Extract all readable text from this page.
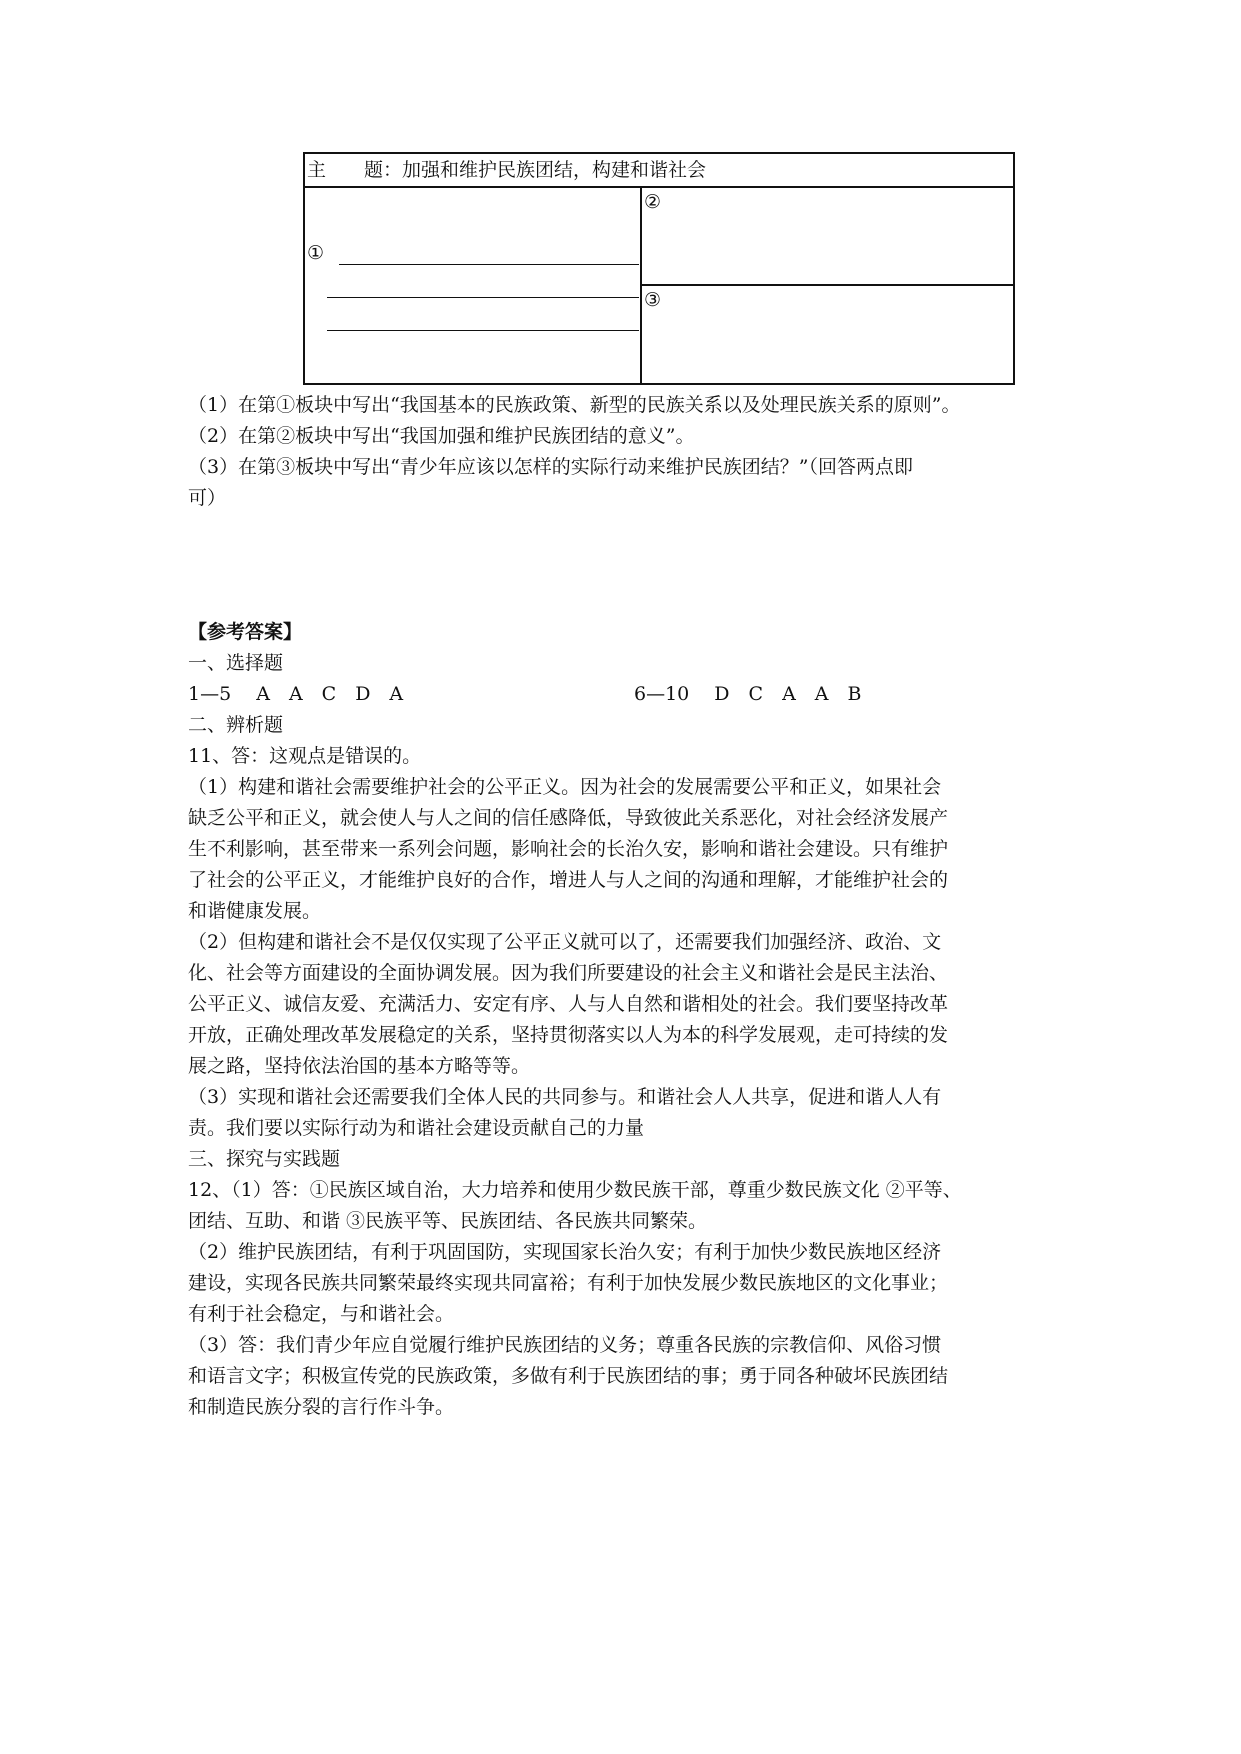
主　　题：加强和维护民族团结，构建和谐社会
①
②
③
（1）在第①板块中写出“我国基本的民族政策、新型的民族关系以及处理民族关系的原则”。
（2）在第②板块中写出“我国加强和维护民族团结的意义”。
（3）在第③板块中写出“青少年应该以怎样的实际行动来维护民族团结？”（回答两点即
可）
【参考答案】
一、选择题
1—5　 A　A　C　D　A	6—10　 D　C　A　A　B
二、辨析题
11、答：这观点是错误的。
（1）构建和谐社会需要维护社会的公平正义。因为社会的发展需要公平和正义，如果社会
缺乏公平和正义，就会使人与人之间的信任感降低，导致彼此关系恶化，对社会经济发展产
生不利影响，甚至带来一系列会问题，影响社会的长治久安，影响和谐社会建设。只有维护
了社会的公平正义，才能维护良好的合作，增进人与人之间的沟通和理解，才能维护社会的
和谐健康发展。
（2）但构建和谐社会不是仅仅实现了公平正义就可以了，还需要我们加强经济、政治、文
化、社会等方面建设的全面协调发展。因为我们所要建设的社会主义和谐社会是民主法治、
公平正义、诚信友爱、充满活力、安定有序、人与人自然和谐相处的社会。我们要坚持改革
开放，正确处理改革发展稳定的关系，坚持贯彻落实以人为本的科学发展观，走可持续的发
展之路，坚持依法治国的基本方略等等。
（3）实现和谐社会还需要我们全体人民的共同参与。和谐社会人人共享，促进和谐人人有
责。我们要以实际行动为和谐社会建设贡献自己的力量
三、探究与实践题
12、（1）答：①民族区域自治，大力培养和使用少数民族干部，尊重少数民族文化 ②平等、
团结、互助、和谐 ③民族平等、民族团结、各民族共同繁荣。
（2）维护民族团结，有利于巩固国防，实现国家长治久安；有利于加快少数民族地区经济
建设，实现各民族共同繁荣最终实现共同富裕；有利于加快发展少数民族地区的文化事业；
有利于社会稳定，与和谐社会。
（3）答：我们青少年应自觉履行维护民族团结的义务；尊重各民族的宗教信仰、风俗习惯
和语言文字；积极宣传党的民族政策，多做有利于民族团结的事；勇于同各种破坏民族团结
和制造民族分裂的言行作斗争。
